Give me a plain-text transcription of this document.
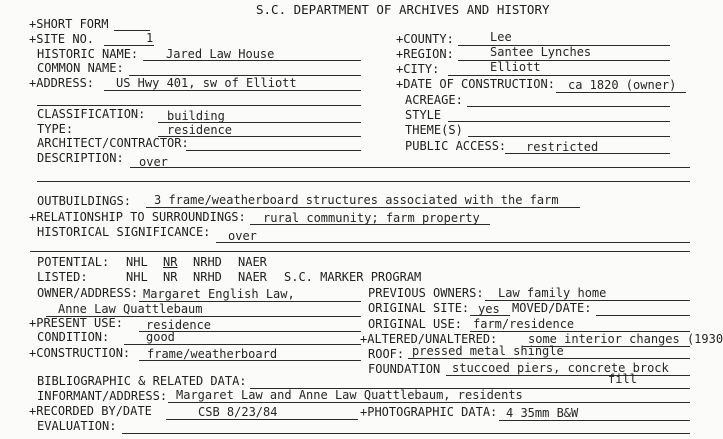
S.C. DEPARTMENT OF ARCHIVES AND HISTORY
+SHORT FORM
+SITE NO.	1	+COUNTY:	Lee
HISTORIC NAME: Jared Law House	+REGION:	Santee Lynches
COMMON NAME:	+CITY:	Elliott
+ADDRESS: US Hwy 401, sw of Elliott	+DATE OF CONSTRUCTION: ca 1820 (owner)
ACREAGE:
CLASSIFICATION: building	STYLE
TYPE:	residence	THEME(S)
ARCHITECT/CONTRACTOR:	PUBLIC ACCESS: restricted
DESCRIPTION: over
OUTBUILDINGS: 3 frame/weatherboard structures associated with the farm
+RELATIONSHIP TO SURROUNDINGS: rural community; farm property
HISTORICAL SIGNIFICANCE: over
POTENTIAL: NHL NR NRHD NAER
LISTED:	NHL NR NRHD NAER S.C. MARKER PROGRAM
OWNER/ADDRESS: Margaret English Law,
Anne Law Quattlebaum
PREVIOUS OWNERS: Law family home
ORIGINAL SITE: yes MOVED/DATE:
+PRESENT USE: residence	ORIGINAL USE: farm/residence
CONDITION:	good	+ALTERED/UNALTERED:	some interior changes (1930
+CONSTRUCTION: frame/weatherboard	ROOF: pressed metal shingle
FOUNDATION stuccoed piers, concrete brock
fill
BIBLIOGRAPHIC & RELATED DATA:
INFORMANT/ADDRESS: Margaret Law and Anne Law Quattlebaum, residents
+RECORDED BY/DATE	CSB 8/23/84	+PHOTOGRAPHIC DATA: 4 35mm B&W
EVALUATION:
